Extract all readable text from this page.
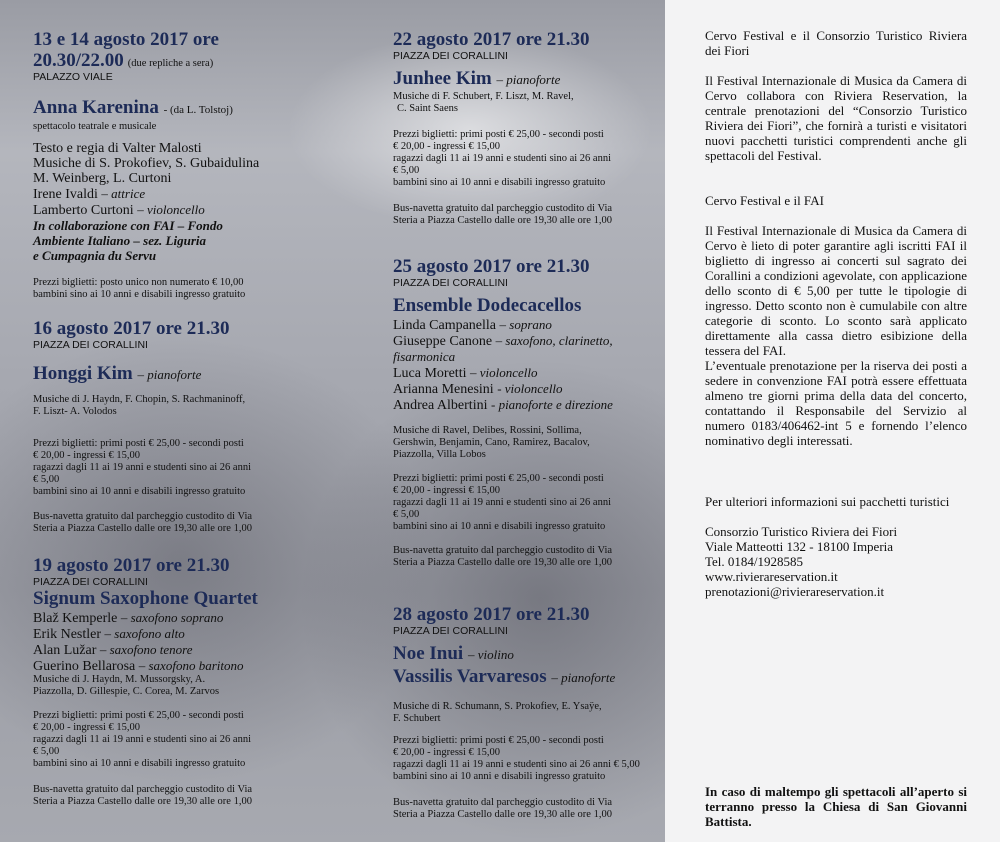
13 e 14 agosto 2017 ore
20.30/22.00 (due repliche a sera)
PALAZZO VIALE
Anna Karenina - (da L. Tolstoj)
spettacolo teatrale e musicale
Testo e regia di Valter Malosti
Musiche di S. Prokofiev, S. Gubaidulina
M. Weinberg, L. Curtoni
Irene Ivaldi – attrice
Lamberto Curtoni – violoncello
In collaborazione con FAI – Fondo
Ambiente Italiano – sez. Liguria
e Cumpagnia du Servu
Prezzi biglietti: posto unico non numerato € 10,00
bambini sino ai 10 anni e disabili ingresso gratuito
16 agosto 2017 ore 21.30
PIAZZA DEI CORALLINI
Honggi Kim – pianoforte
Musiche di J. Haydn, F. Chopin, S. Rachmaninoff,
F. Liszt- A. Volodos
Prezzi biglietti: primi posti € 25,00 - secondi posti
€ 20,00 - ingressi € 15,00
ragazzi dagli 11 ai 19 anni e studenti sino ai 26 anni
€ 5,00
bambini sino ai 10 anni e disabili ingresso gratuito
Bus-navetta gratuito dal parcheggio custodito di Via
Steria a Piazza Castello dalle ore 19,30 alle ore 1,00
19 agosto 2017 ore 21.30
PIAZZA DEI CORALLINI
Signum Saxophone Quartet
Blaž Kemperle – saxofono soprano
Erik Nestler – saxofono alto
Alan Lužar – saxofono tenore
Guerino Bellarosa – saxofono baritono
Musiche di J. Haydn, M. Mussorgsky, A.
Piazzolla, D. Gillespie, C. Corea, M. Zarvos
Prezzi biglietti: primi posti € 25,00 - secondi posti
€ 20,00 - ingressi € 15,00
ragazzi dagli 11 ai 19 anni e studenti sino ai 26 anni
€ 5,00
bambini sino ai 10 anni e disabili ingresso gratuito
Bus-navetta gratuito dal parcheggio custodito di Via
Steria a Piazza Castello dalle ore 19,30 alle ore 1,00
22 agosto 2017 ore 21.30
PIAZZA DEI CORALLINI
Junhee Kim – pianoforte
Musiche di F. Schubert, F. Liszt, M. Ravel,
C. Saint Saens
Prezzi biglietti: primi posti € 25,00 - secondi posti
€ 20,00 - ingressi € 15,00
ragazzi dagli 11 ai 19 anni e studenti sino ai 26 anni
€ 5,00
bambini sino ai 10 anni e disabili ingresso gratuito
Bus-navetta gratuito dal parcheggio custodito di Via
Steria a Piazza Castello dalle ore 19,30 alle ore 1,00
25 agosto 2017 ore 21.30
PIAZZA DEI CORALLINI
Ensemble Dodecacellos
Linda Campanella – soprano
Giuseppe Canone – saxofono, clarinetto,
fisarmonica
Luca Moretti – violoncello
Arianna Menesini - violoncello
Andrea Albertini - pianoforte e direzione
Musiche di Ravel, Delibes, Rossini, Sollima,
Gershwin, Benjamin, Cano, Ramirez, Bacalov,
Piazzolla, Villa Lobos
Prezzi biglietti: primi posti € 25,00 - secondi posti
€ 20,00 - ingressi € 15,00
ragazzi dagli 11 ai 19 anni e studenti sino ai 26 anni
€ 5,00
bambini sino ai 10 anni e disabili ingresso gratuito
Bus-navetta gratuito dal parcheggio custodito di Via
Steria a Piazza Castello dalle ore 19,30 alle ore 1,00
28 agosto 2017 ore 21.30
PIAZZA DEI CORALLINI
Noe Inui – violino
Vassilis Varvaresos – pianoforte
Musiche di R. Schumann, S. Prokofiev, E. Ysaÿe,
F. Schubert
Prezzi biglietti: primi posti € 25,00 - secondi posti
€ 20,00 - ingressi € 15,00
ragazzi dagli 11 ai 19 anni e studenti sino ai 26 anni € 5,00
bambini sino ai 10 anni e disabili ingresso gratuito
Bus-navetta gratuito dal parcheggio custodito di Via
Steria a Piazza Castello dalle ore 19,30 alle ore 1,00
Cervo Festival e il Consorzio Turistico Riviera dei Fiori
Il Festival Internazionale di Musica da Camera di Cervo collabora con Riviera Reservation, la centrale prenotazioni del “Consorzio Turistico Riviera dei Fiori”, che fornirà a turisti e visitatori nuovi pacchetti turistici comprendenti anche gli spettacoli del Festival.
Cervo Festival e il FAI
Il Festival Internazionale di Musica da Camera di Cervo è lieto di poter garantire agli iscritti FAI il biglietto di ingresso ai concerti sul sagrato dei Corallini a condizioni agevolate, con applicazione dello sconto di € 5,00 per tutte le tipologie di ingresso. Detto sconto non è cumulabile con altre categorie di sconto. Lo sconto sarà applicato direttamente alla cassa dietro esibizione della tessera del FAI.
L’eventuale prenotazione per la riserva dei posti a sedere in convenzione FAI potrà essere effettuata almeno tre giorni prima della data del concerto, contattando il Responsabile del Servizio al numero 0183/406462-int 5 e fornendo l’elenco nominativo degli interessati.
Per ulteriori informazioni sui pacchetti turistici
Consorzio Turistico Riviera dei Fiori
Viale Matteotti 132 - 18100 Imperia
Tel. 0184/1928585
www.rivierareservation.it
prenotazioni@rivierareservation.it
In caso di maltempo gli spettacoli all’aperto si terranno presso la Chiesa di San Giovanni Battista.
